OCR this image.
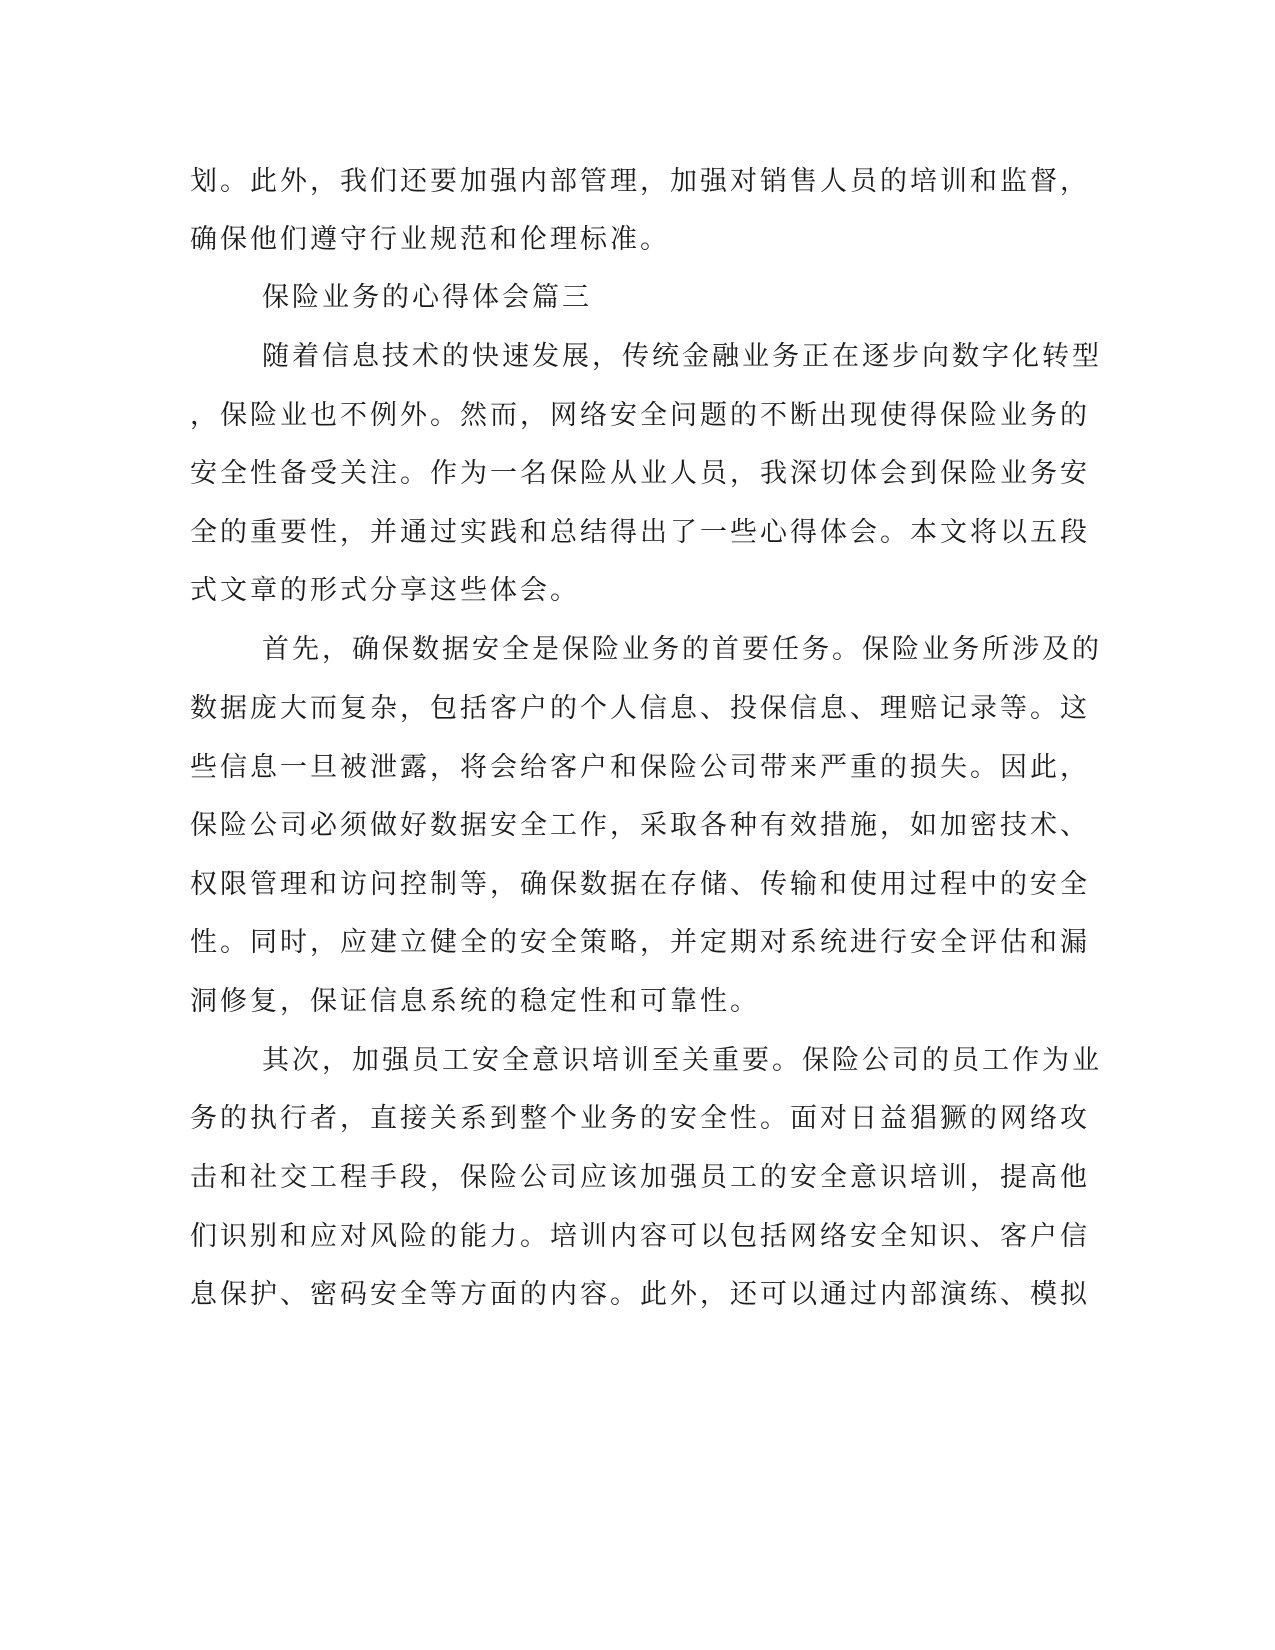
划。此外，我们还要加强内部管理，加强对销售人员的培训和监督，
确保他们遵守行业规范和伦理标准。
保险业务的心得体会篇三
随着信息技术的快速发展，传统金融业务正在逐步向数字化转型
，保险业也不例外。然而，网络安全问题的不断出现使得保险业务的
安全性备受关注。作为一名保险从业人员，我深切体会到保险业务安
全的重要性，并通过实践和总结得出了一些心得体会。本文将以五段
式文章的形式分享这些体会。
首先，确保数据安全是保险业务的首要任务。保险业务所涉及的
数据庞大而复杂，包括客户的个人信息、投保信息、理赔记录等。这
些信息一旦被泄露，将会给客户和保险公司带来严重的损失。因此，
保险公司必须做好数据安全工作，采取各种有效措施，如加密技术、
权限管理和访问控制等，确保数据在存储、传输和使用过程中的安全
性。同时，应建立健全的安全策略，并定期对系统进行安全评估和漏
洞修复，保证信息系统的稳定性和可靠性。
其次，加强员工安全意识培训至关重要。保险公司的员工作为业
务的执行者，直接关系到整个业务的安全性。面对日益猖獗的网络攻
击和社交工程手段，保险公司应该加强员工的安全意识培训，提高他
们识别和应对风险的能力。培训内容可以包括网络安全知识、客户信
息保护、密码安全等方面的内容。此外，还可以通过内部演练、模拟
